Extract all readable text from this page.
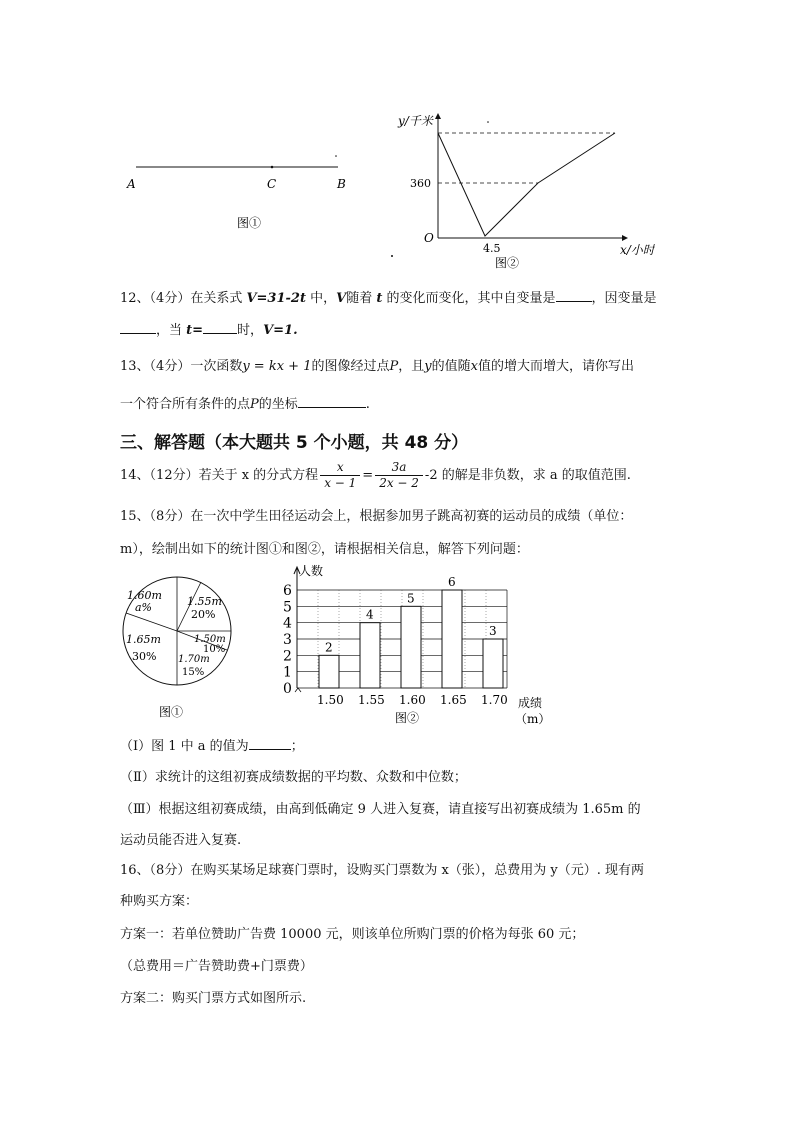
A	C	B
图①
y/千米
360
O
4.5	x/小时
图②
12、（4分）在关系式 V=31-2t 中，V随着 t 的变化而变化，其中自变量是	，因变量是
，当 t=	时，V=1.
13、（4分）一次函数y = kx + 1的图像经过点P，且y的值随x值的增大而增大，请你写出
一个符合所有条件的点P的坐标	.
三、解答题（本大题共 5 个小题，共 48 分）
14、（12分）若关于 x 的分式方程 $\frac{x}{x - 1} = \frac{3a}{2x - 2} -2$ 的解是非负数，求 a 的取值范围.
15、（8分）在一次中学生田径运动会上，根据参加男子跳高初赛的运动员的成绩（单位：
m），绘制出如下的统计图①和图②，请根据相关信息，解答下列问题：
1.60m
a%	1.55m
20%
1.50m
10%
1.70m
15%
1.65m
30%
图①
0
1
2
3
4
5
6
2
1.50
4
1.55
5
1.60
6
1.65
3
1.70
人数
成绩
（m）
图②
（Ⅰ）图 1 中 a 的值为	；
（Ⅱ）求统计的这组初赛成绩数据的平均数、众数和中位数；
（Ⅲ）根据这组初赛成绩，由高到低确定 9 人进入复赛，请直接写出初赛成绩为 1.65m 的
运动员能否进入复赛.
16、（8分）在购买某场足球赛门票时，设购买门票数为 x（张），总费用为 y（元）. 现有两
种购买方案：
方案一：若单位赞助广告费 10000 元，则该单位所购门票的价格为每张 60 元；
（总费用＝广告赞助费+门票费）
方案二：购买门票方式如图所示.
